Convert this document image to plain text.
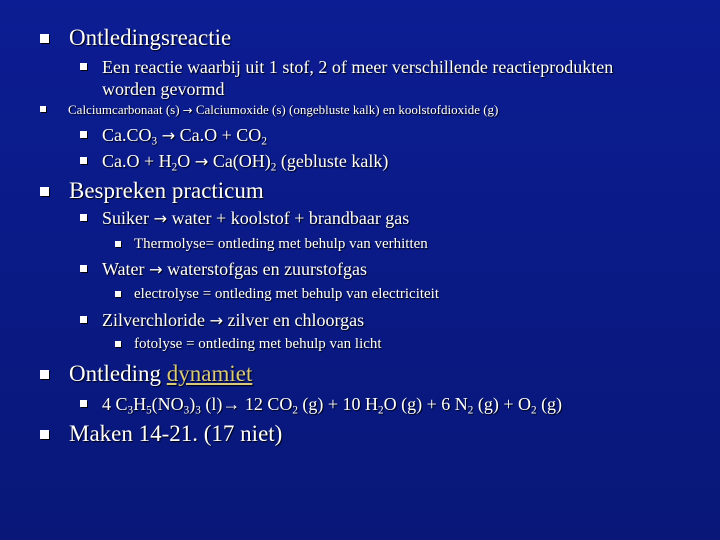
Ontledingsreactie
Een reactie waarbij uit 1 stof, 2 of meer verschillende reactieprodukten
worden gevormd
Calciumcarbonaat (s) → Calciumoxide (s) (ongebluste kalk) en koolstofdioxide (g)
$Ca.CO_3 \to Ca.O + CO_2$
$Ca.O + H_2O \to Ca(OH)_2$ (gebluste kalk)
Bespreken practicum
Suiker → water + koolstof + brandbaar gas
Thermolyse= ontleding met behulp van verhitten
Water → waterstofgas en zuurstofgas
electrolyse = ontleding met behulp van electriciteit
Zilverchloride → zilver en chloorgas
fotolyse = ontleding met behulp van licht
Ontleding dynamiet
4 $C_3H_5(NO_3)_3$ (l)→ 12 $CO_2$ (g) + 10 $H_2O$ (g) + 6 $N_2$ $(g) + O_2$ (g)
Maken 14-21. (17 niet)
